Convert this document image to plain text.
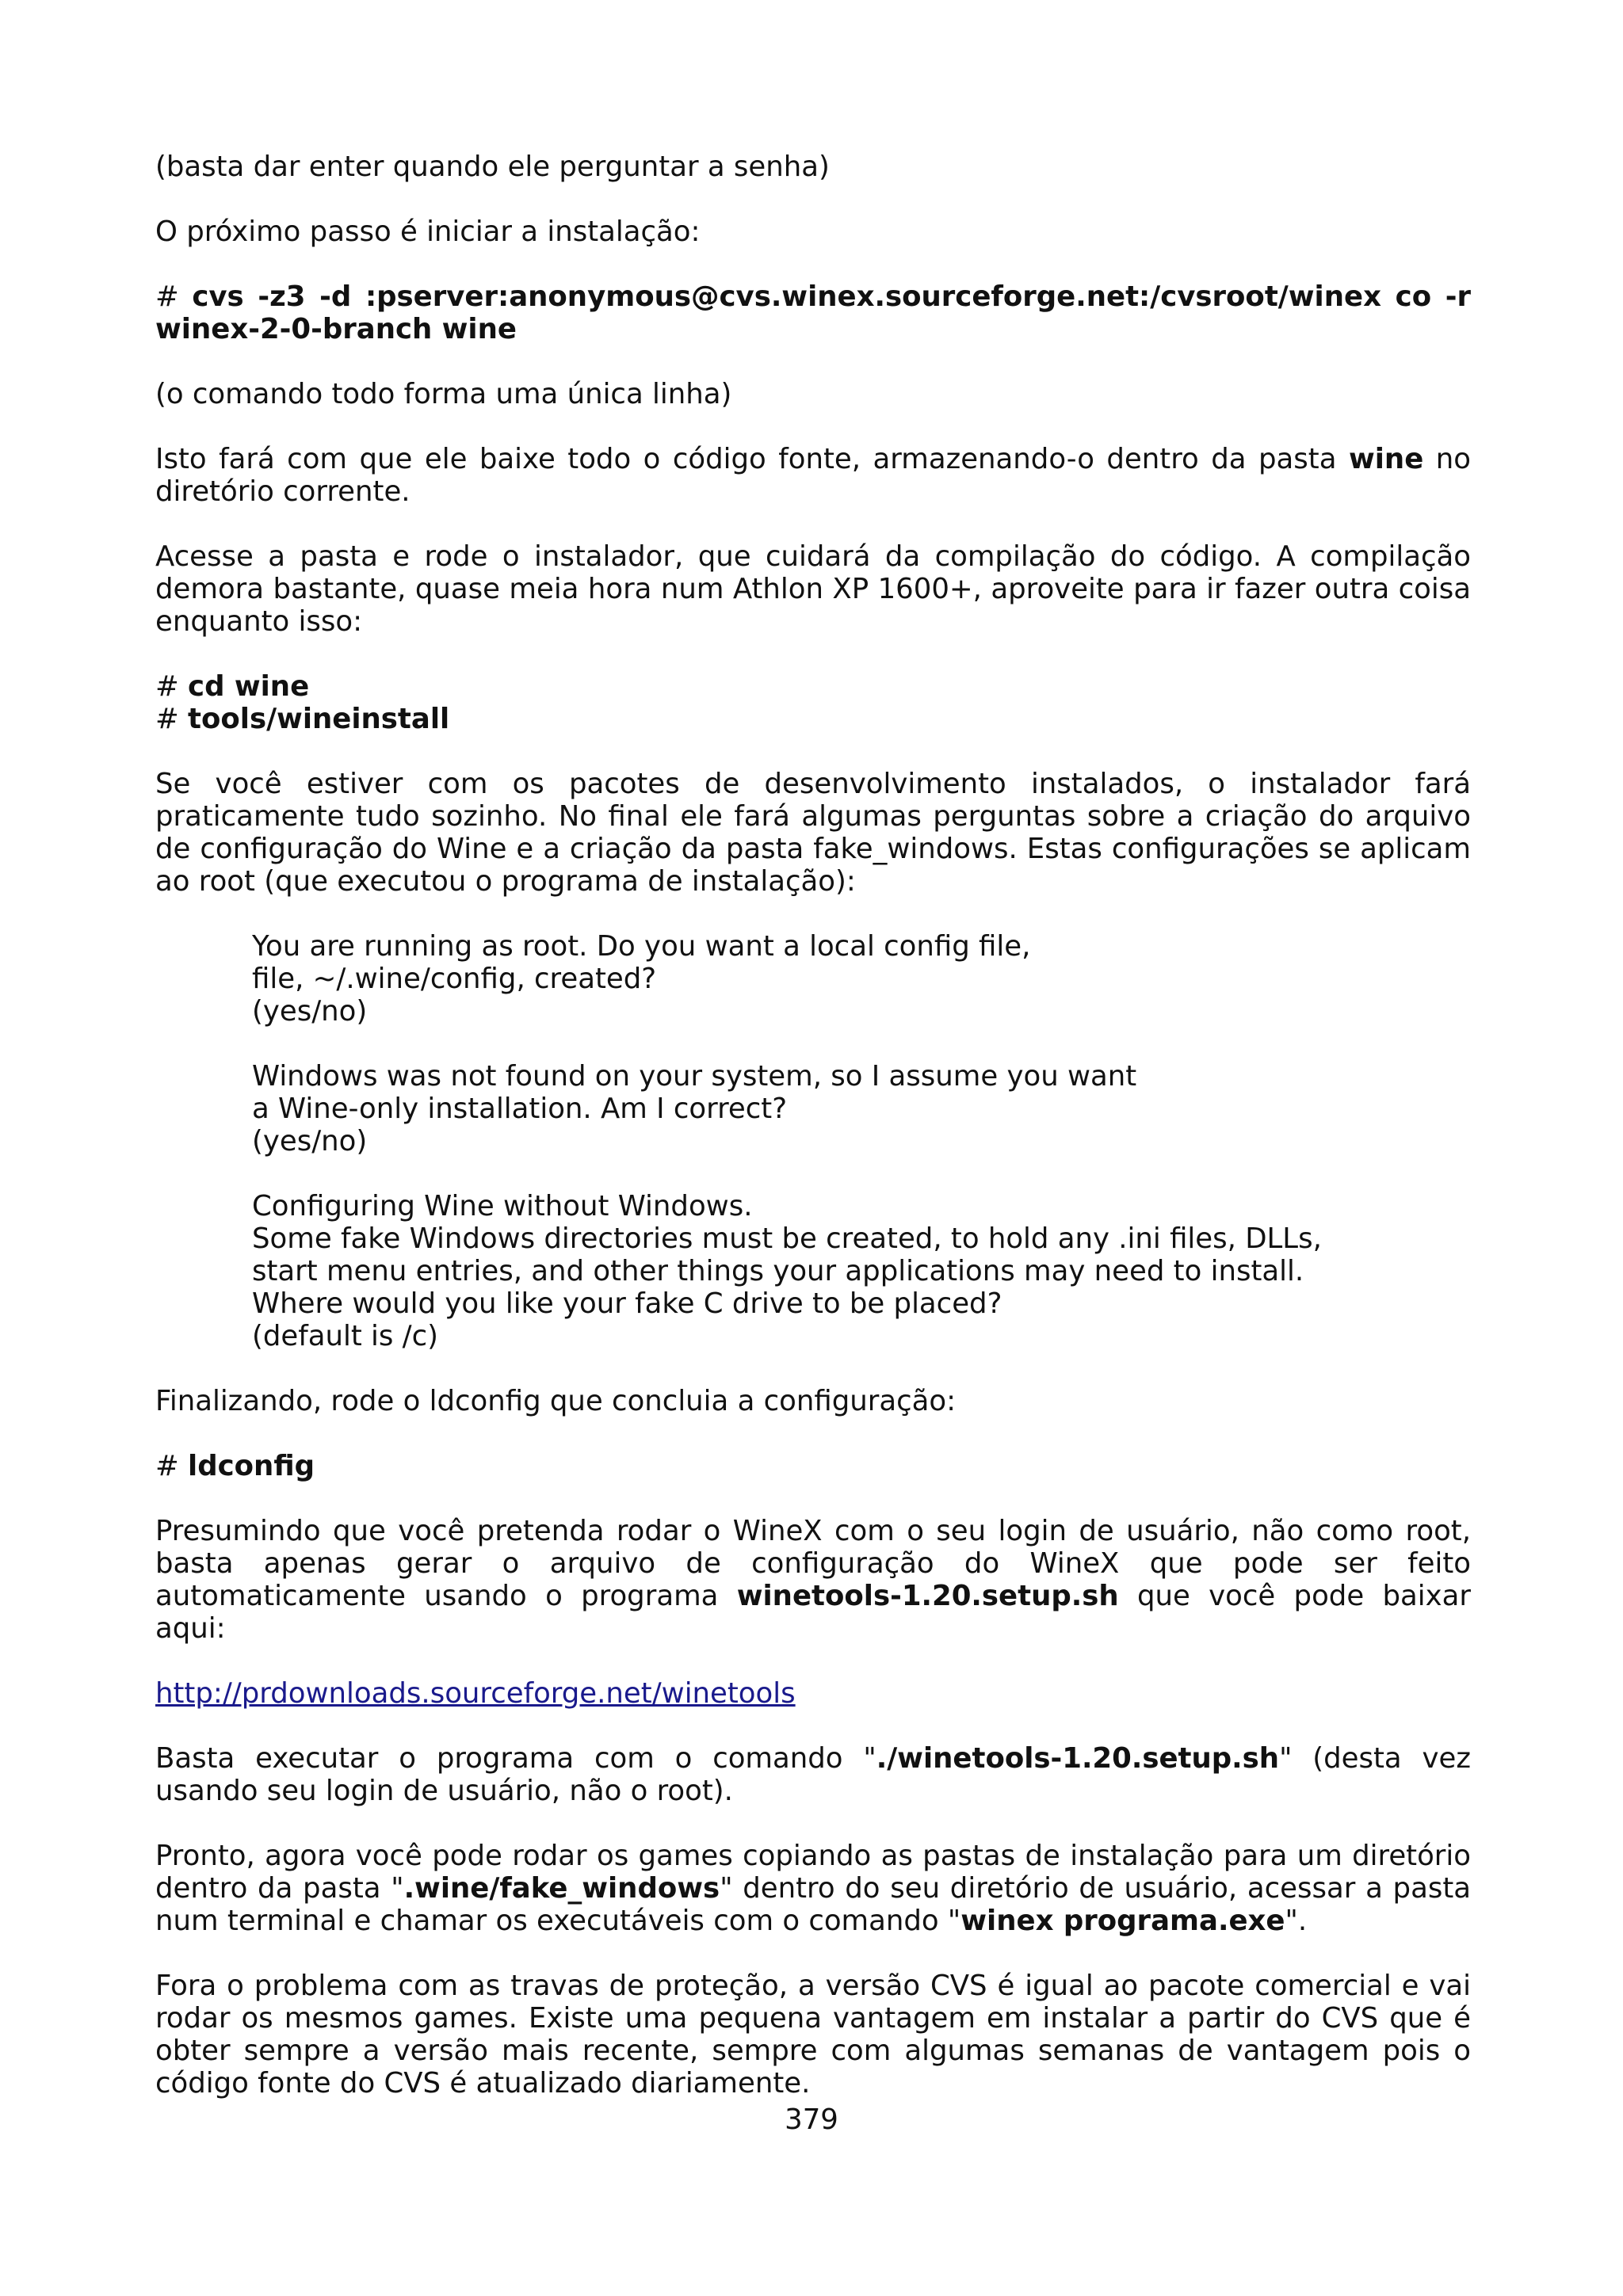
(basta dar enter quando ele perguntar a senha)

O próximo passo é iniciar a instalação:

# cvs -z3 -d :pserver:anonymous@cvs.winex.sourceforge.net:/cvsroot/winex co -r winex-2-0-branch wine

(o comando todo forma uma única linha)

Isto fará com que ele baixe todo o código fonte, armazenando-o dentro da pasta wine no diretório corrente.

Acesse a pasta e rode o instalador, que cuidará da compilação do código. A compilação demora bastante, quase meia hora num Athlon XP 1600+, aproveite para ir fazer outra coisa enquanto isso:

# cd wine
# tools/wineinstall

Se você estiver com os pacotes de desenvolvimento instalados, o instalador fará praticamente tudo sozinho. No final ele fará algumas perguntas sobre a criação do arquivo de configuração do Wine e a criação da pasta fake_windows. Estas configurações se aplicam ao root (que executou o programa de instalação):

You are running as root. Do you want a local config file,
file, ~/.wine/config, created?
(yes/no)
Windows was not found on your system, so I assume you want
a Wine-only installation. Am I correct?
(yes/no)
Configuring Wine without Windows.
Some fake Windows directories must be created, to hold any .ini files, DLLs,
start menu entries, and other things your applications may need to install.
Where would you like your fake C drive to be placed?
(default is /c)

Finalizando, rode o ldconfig que concluia a configuração:

# ldconfig

Presumindo que você pretenda rodar o WineX com o seu login de usuário, não como root, basta apenas gerar o arquivo de configuração do WineX que pode ser feito automaticamente usando o programa winetools-1.20.setup.sh que você pode baixar aqui:

http://prdownloads.sourceforge.net/winetools

Basta executar o programa com o comando "./winetools-1.20.setup.sh" (desta vez usando seu login de usuário, não o root).

Pronto, agora você pode rodar os games copiando as pastas de instalação para um diretório dentro da pasta ".wine/fake_windows" dentro do seu diretório de usuário, acessar a pasta num terminal e chamar os executáveis com o comando "winex programa.exe".

Fora o problema com as travas de proteção, a versão CVS é igual ao pacote comercial e vai rodar os mesmos games. Existe uma pequena vantagem em instalar a partir do CVS que é obter sempre a versão mais recente, sempre com algumas semanas de vantagem pois o código fonte do CVS é atualizado diariamente.

379
